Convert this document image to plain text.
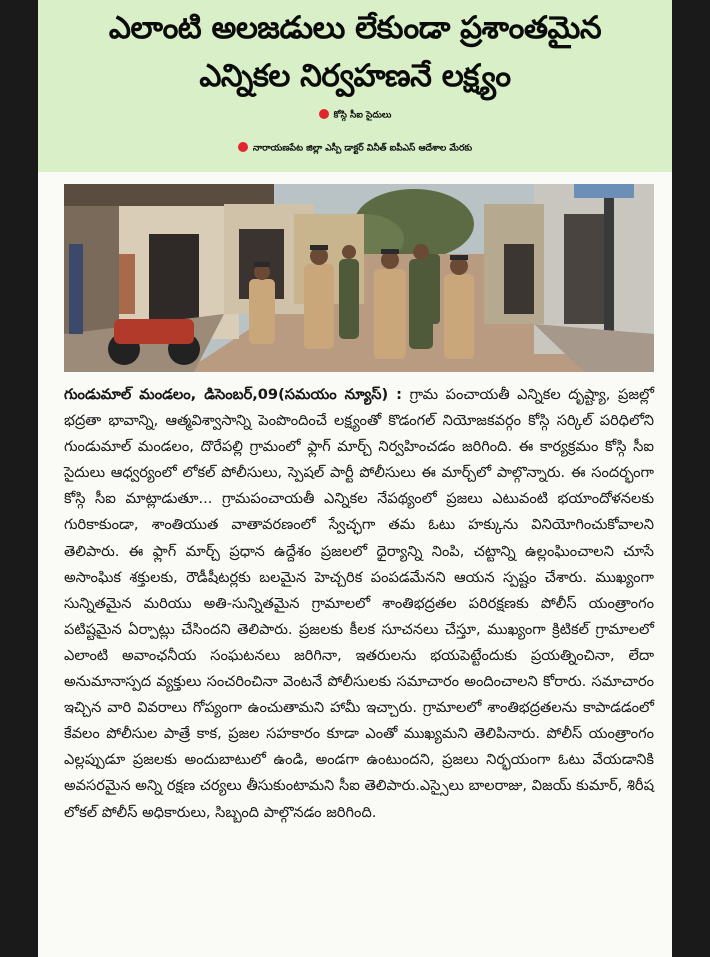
ఎలాంటి అలజడులు లేకుండా ప్రశాంతమైన
ఎన్నికల నిర్వహణనే లక్ష్యం
కోస్గి సీఐ సైదులు
నారాయణపేట జిల్లా ఎస్పీ డాక్టర్ వినీత్ ఐపీఎస్ ఆదేశాల మేరకు
గుండుమాల్ మండలం, డిసెంబర్,09(సమయం న్యూస్) : గ్రామ పంచాయతీ ఎన్నికల దృష్ట్యా, ప్రజల్లో భద్రతా భావాన్ని, ఆత్మవిశ్వాసాన్ని పెంపొందించే లక్ష్యంతో కొడంగల్ నియోజకవర్గం కోస్గి సర్కిల్ పరిధిలోని గుండుమాల్ మండలం, దొరేపల్లి గ్రామంలో ఫ్లాగ్ మార్చ్ నిర్వహించడం జరిగింది. ఈ కార్యక్రమం కోస్గి సీఐ సైదులు ఆధ్వర్యంలో లోకల్ పోలీసులు, స్పెషల్ పార్టీ పోలీసులు ఈ మార్చ్‌లో పాల్గొన్నారు. ఈ సందర్భంగా కోస్గి సీఐ మాట్లాడుతూ... గ్రామపంచాయతీ ఎన్నికల నేపథ్యంలో ప్రజలు ఎటువంటి భయాందోళనలకు గురికాకుండా, శాంతియుత వాతావరణంలో స్వేచ్ఛగా తమ ఓటు హక్కును వినియోగించుకోవాలని తెలిపారు. ఈ ఫ్లాగ్ మార్చ్ ప్రధాన ఉద్దేశం ప్రజలలో ధైర్యాన్ని నింపి, చట్టాన్ని ఉల్లంఘించాలని చూసే అసాంఘిక శక్తులకు, రౌడీషీటర్లకు బలమైన హెచ్చరిక పంపడమేనని ఆయన స్పష్టం చేశారు. ముఖ్యంగా సున్నితమైన మరియు అతి-సున్నితమైన గ్రామాలలో శాంతిభద్రతల పరిరక్షణకు పోలీస్ యంత్రాంగం పటిష్టమైన ఏర్పాట్లు చేసిందని తెలిపారు. ప్రజలకు కీలక సూచనలు చేస్తూ, ముఖ్యంగా క్రిటికల్ గ్రామాలలో ఎలాంటి అవాంఛనీయ సంఘటనలు జరిగినా, ఇతరులను భయపెట్టేందుకు ప్రయత్నించినా, లేదా అనుమానాస్పద వ్యక్తులు సంచరించినా వెంటనే పోలీసులకు సమాచారం అందించాలని కోరారు. సమాచారం ఇచ్చిన వారి వివరాలు గోప్యంగా ఉంచుతామని హామీ ఇచ్చారు. గ్రామాలలో శాంతిభద్రతలను కాపాడడంలో కేవలం పోలీసుల పాత్రే కాక, ప్రజల సహకారం కూడా ఎంతో ముఖ్యమని తెలిపినారు. పోలీస్ యంత్రాంగం ఎల్లప్పుడూ ప్రజలకు అందుబాటులో ఉండి, అండగా ఉంటుందని, ప్రజలు నిర్భయంగా ఓటు వేయడానికి అవసరమైన అన్ని రక్షణ చర్యలు తీసుకుంటామని సీఐ తెలిపారు.ఎస్సైలు బాలరాజు, విజయ్ కుమార్, శిరీష లోకల్ పోలీస్ అధికారులు, సిబ్బంది పాల్గొనడం జరిగింది.
